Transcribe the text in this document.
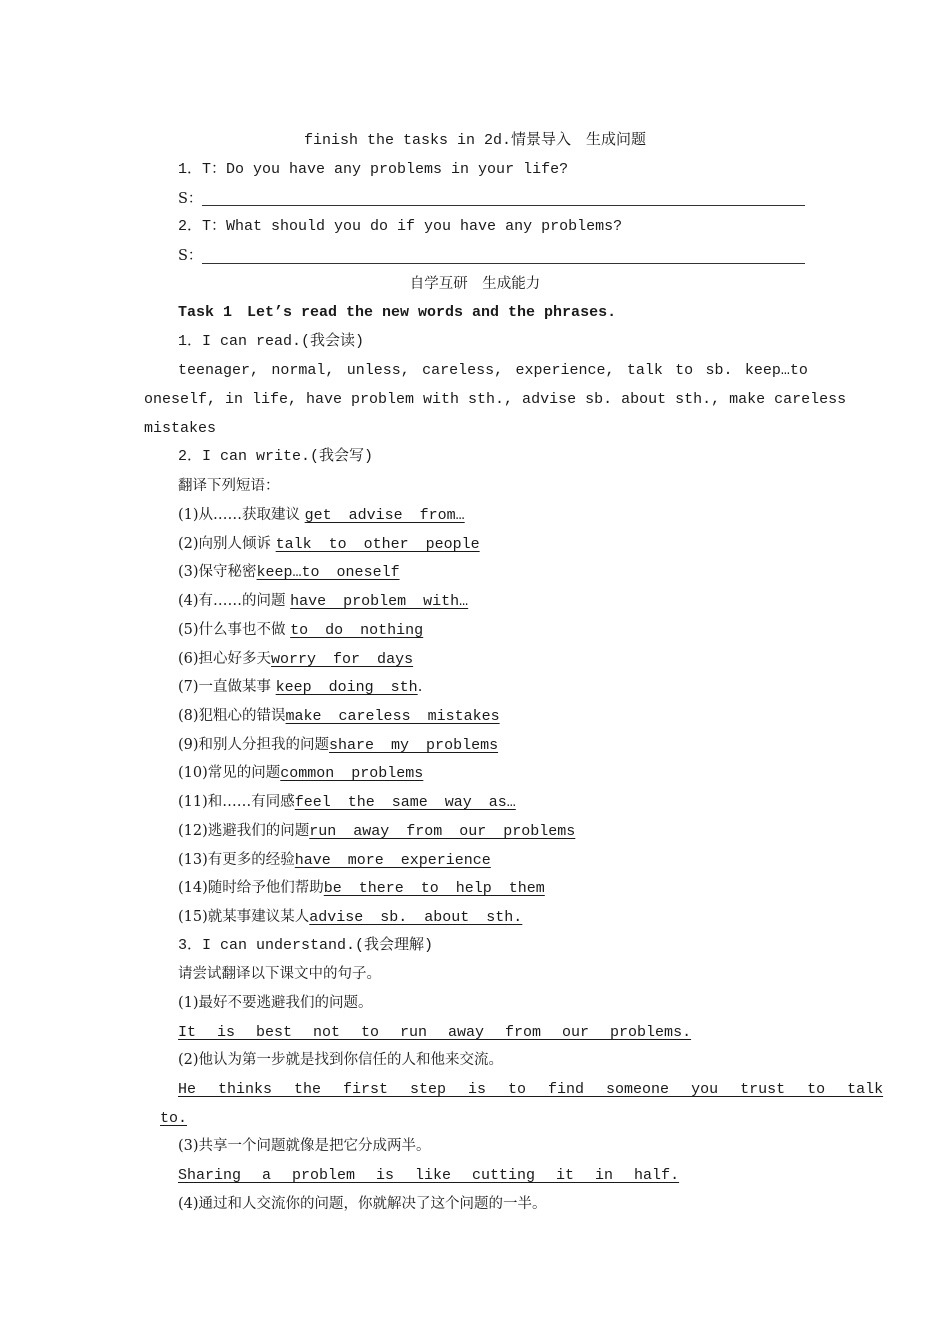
finish the tasks in 2d.情景导入　生成问题
1．T：Do you have any problems in your life?
S：
2．T：What should you do if you have any problems?
S：
自学互研　生成能力
Task 1　Let’s read the new words and the phrases.
1．I can read.(我会读)
teenager, normal, unless, careless, experience, talk to sb. keep…to
oneself, in life, have problem with sth., advise sb. about sth., make careless
mistakes
2．I can write.(我会写)
翻译下列短语：
(1)从……获取建议 get advise from…
(2)向别人倾诉 talk to other people
(3)保守秘密keep…to oneself
(4)有……的问题 have problem with…
(5)什么事也不做 to do nothing
(6)担心好多天worry for days
(7)一直做某事 keep doing sth.
(8)犯粗心的错误make careless mistakes
(9)和别人分担我的问题share my problems
(10)常见的问题common problems
(11)和……有同感feel the same way as…
(12)逃避我们的问题run away from our problems
(13)有更多的经验have more experience
(14)随时给予他们帮助be there to help them
(15)就某事建议某人advise sb. about sth.
3．I can understand.(我会理解)
请尝试翻译以下课文中的句子。
(1)最好不要逃避我们的问题。
It is best not to run away from our problems.
(2)他认为第一步就是找到你信任的人和他来交流。
He thinks the first step is to find someone you trust to talk
to.
(3)共享一个问题就像是把它分成两半。
Sharing a problem is like cutting it in half.
(4)通过和人交流你的问题，你就解决了这个问题的一半。
